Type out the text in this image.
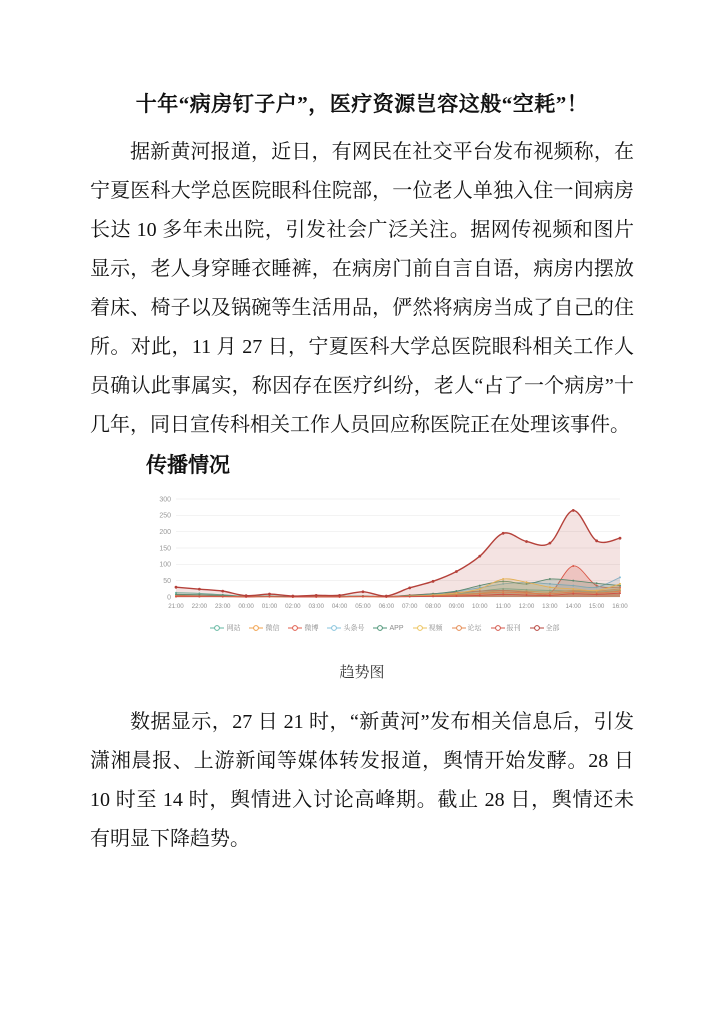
十年“病房钉子户”，医疗资源岂容这般“空耗”！

据新黄河报道，近日，有网民在社交平台发布视频称，在宁夏医科大学总医院眼科住院部，一位老人单独入住一间病房长达 10 多年未出院，引发社会广泛关注。据网传视频和图片显示，老人身穿睡衣睡裤，在病房门前自言自语，病房内摆放着床、椅子以及锅碗等生活用品，俨然将病房当成了自己的住所。对此，11 月 27 日，宁夏医科大学总医院眼科相关工作人员确认此事属实，称因存在医疗纠纷，老人“占了一个病房”十几年，同日宣传科相关工作人员回应称医院正在处理该事件。

传播情况
0
50
100
150
200
250
300
21:00 22:00 23:00 00:00 01:00 02:00 03:00 04:00 05:00 06:00 07:00 08:00 09:00 10:00 11:00 12:00 13:00 14:00 15:00 16:00
网站	微信	微博	头条号	APP	视频	论坛	报刊	全部
趋势图

数据显示，27 日 21 时，“新黄河”发布相关信息后，引发潇湘晨报、上游新闻等媒体转发报道，舆情开始发酵。28 日 10 时至 14 时，舆情进入讨论高峰期。截止 28 日，舆情还未有明显下降趋势。
